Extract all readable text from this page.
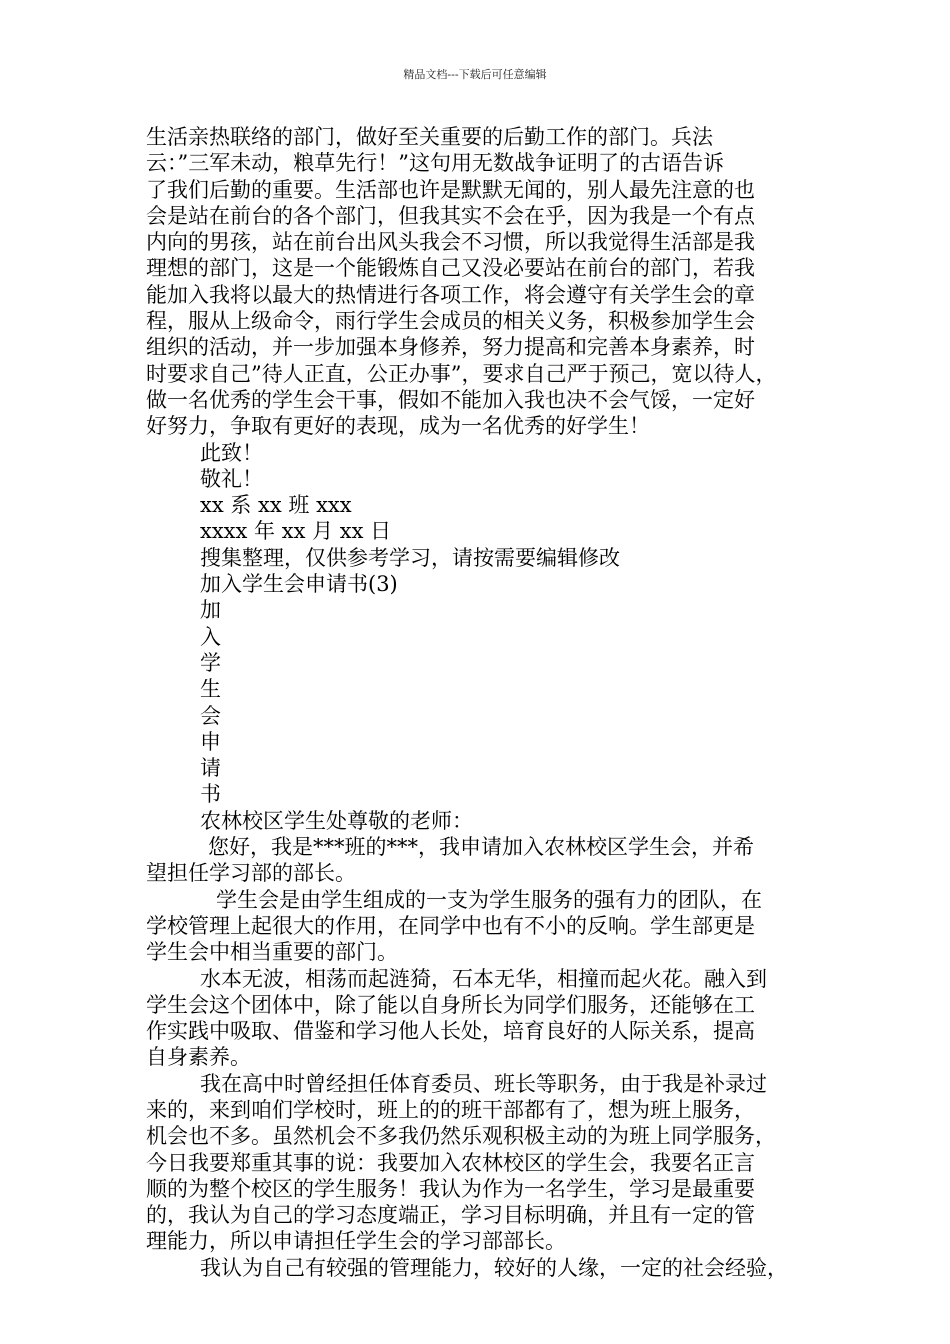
精品文档---下载后可任意编辑
生活亲热联络的部门，做好至关重要的后勤工作的部门。兵法
云：”三军未动，粮草先行！”这句用无数战争证明了的古语告诉
了我们后勤的重要。生活部也许是默默无闻的，别人最先注意的也
会是站在前台的各个部门，但我其实不会在乎，因为我是一个有点
内向的男孩，站在前台出风头我会不习惯，所以我觉得生活部是我
理想的部门，这是一个能锻炼自己又没必要站在前台的部门，若我
能加入我将以最大的热情进行各项工作，将会遵守有关学生会的章
程，服从上级命令，雨行学生会成员的相关义务，积极参加学生会
组织的活动，并一步加强本身修养，努力提高和完善本身素养，时
时要求自己”待人正直，公正办事”，要求自己严于预己，宽以待人，
做一名优秀的学生会干事，假如不能加入我也决不会气馁，一定好
好努力，争取有更好的表现，成为一名优秀的好学生！
此致！
敬礼！
xx 系 xx 班 xxx
xxxx 年 xx 月 xx 日
搜集整理，仅供参考学习，请按需要编辑修改
加入学生会申请书(3)
加
入
学
生
会
申
请
书
农林校区学生处尊敬的老师：
您好，我是***班的***，我申请加入农林校区学生会，并希
望担任学习部的部长。
学生会是由学生组成的一支为学生服务的强有力的团队，在
学校管理上起很大的作用，在同学中也有不小的反响。学生部更是
学生会中相当重要的部门。
水本无波，相荡而起涟猗，石本无华，相撞而起火花。融入到
学生会这个团体中，除了能以自身所长为同学们服务，还能够在工
作实践中吸取、借鉴和学习他人长处，培育良好的人际关系，提高
自身素养。
我在高中时曾经担任体育委员、班长等职务，由于我是补录过
来的，来到咱们学校时，班上的的班干部都有了，想为班上服务，
机会也不多。虽然机会不多我仍然乐观积极主动的为班上同学服务，
今日我要郑重其事的说：我要加入农林校区的学生会，我要名正言
顺的为整个校区的学生服务！我认为作为一名学生，学习是最重要
的，我认为自己的学习态度端正，学习目标明确，并且有一定的管
理能力，所以申请担任学生会的学习部部长。
我认为自己有较强的管理能力，较好的人缘，一定的社会经验，
